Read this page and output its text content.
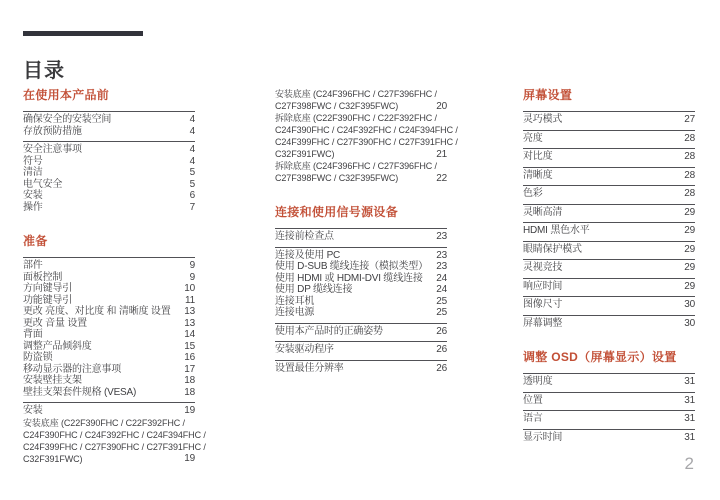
目录
在使用本产品前
确保安全的安装空间	4
存放预防措施	4
安全注意事项	4
符号	4
清洁	5
电气安全	5
安装	6
操作	7
准备
部件	9
面板控制	9
方向键导引	10
功能键导引	11
更改 亮度、对比度 和 清晰度 设置	13
更改 音量 设置	13
背面	14
调整产品倾斜度	15
防盗锁	16
移动显示器的注意事项	17
安装壁挂支架	18
壁挂支架套件规格 (VESA)	18
安装	19
安装底座 (C22F390FHC / C22F392FHC /
C24F390FHC / C24F392FHC / C24F394FHC /
C24F399FHC / C27F390FHC / C27F391FHC /
C32F391FWC)	19
安装底座 (C24F396FHC / C27F396FHC /
C27F398FWC / C32F395FWC)	20
拆除底座 (C22F390FHC / C22F392FHC /
C24F390FHC / C24F392FHC / C24F394FHC /
C24F399FHC / C27F390FHC / C27F391FHC /
C32F391FWC)	21
拆除底座 (C24F396FHC / C27F396FHC /
C27F398FWC / C32F395FWC)	22
连接和使用信号源设备
连接前检查点	23
连接及使用 PC	23
使用 D-SUB 缆线连接（模拟类型） 23
使用 HDMI 或 HDMI-DVI 缆线连接	24
使用 DP 缆线连接	24
连接耳机	25
连接电源	25
使用本产品时的正确姿势	26
安装驱动程序	26
设置最佳分辨率	26
屏幕设置
灵巧模式	27
亮度	28
对比度	28
清晰度	28
色彩	28
灵晰高清	29
HDMI 黑色水平	29
眼睛保护模式	29
灵视竞技	29
响应时间	29
图像尺寸	30
屏幕调整	30
调整 OSD（屏幕显示）设置
透明度	31
位置	31
语言	31
显示时间	31
2
